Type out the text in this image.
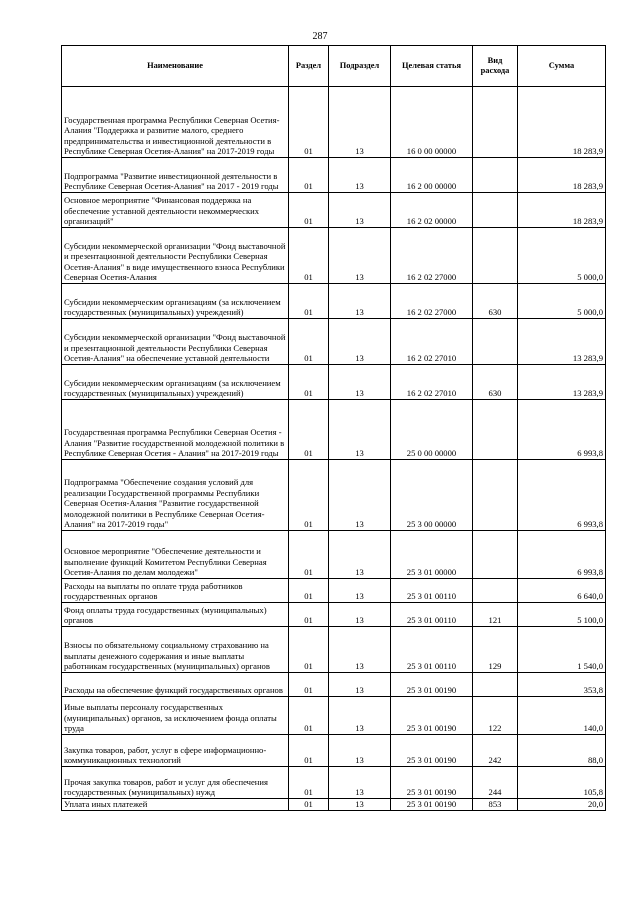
287
Наименование	Раздел	Подраздел	Целевая статья	Вид расхода	Сумма
Государственная программа Республики Северная Осетия-Алания "Поддержка и развитие малого, среднего предпринимательства и инвестиционной деятельности в Республике Северная Осетия-Алания" на 2017-2019 годы	01	13	16 0 00 00000		18 283,9
Подпрограмма "Развитие инвестиционной деятельности в Республике Северная Осетия-Алания" на 2017 - 2019 годы	01	13	16 2 00 00000		18 283,9
Основное мероприятие "Финансовая поддержка на обеспечение уставной деятельности некоммерческих организаций"	01	13	16 2 02 00000		18 283,9
Субсидии некоммерческой организации "Фонд выставочной и презентационной деятельности Республики Северная Осетия-Алания" в виде имущественного взноса Республики Северная Осетия-Алания	01	13	16 2 02 27000		5 000,0
Субсидии некоммерческим организациям (за исключением государственных (муниципальных) учреждений)	01	13	16 2 02 27000	630	5 000,0
Субсидии некоммерческой организации "Фонд выставочной и презентационной деятельности Республики Северная Осетия-Алания" на обеспечение уставной деятельности	01	13	16 2 02 27010		13 283,9
Субсидии некоммерческим организациям (за исключением государственных (муниципальных) учреждений)	01	13	16 2 02 27010	630	13 283,9
Государственная программа Республики Северная Осетия - Алания "Развитие государственной молодежной политики в Республике Северная Осетия - Алания" на 2017-2019 годы	01	13	25 0 00 00000		6 993,8
Подпрограмма "Обеспечение создания условий для реализации Государственной программы Республики Северная Осетия-Алания "Развитие государственной молодежной политики в Республике Северная Осетия-Алания" на 2017-2019 годы"	01	13	25 3 00 00000		6 993,8
Основное мероприятие "Обеспечение деятельности и выполнение функций Комитетом Республики Северная Осетия-Алания по делам молодежи"	01	13	25 3 01 00000		6 993,8
Расходы на выплаты по оплате труда работников государственных органов	01	13	25 3 01 00110		6 640,0
Фонд оплаты труда государственных (муниципальных) органов	01	13	25 3 01 00110	121	5 100,0
Взносы по обязательному социальному страхованию на выплаты денежного содержания и иные выплаты работникам государственных (муниципальных) органов	01	13	25 3 01 00110	129	1 540,0
Расходы на обеспечение функций государственных органов	01	13	25 3 01 00190		353,8
Иные выплаты персоналу государственных (муниципальных) органов, за исключением фонда оплаты труда	01	13	25 3 01 00190	122	140,0
Закупка товаров, работ, услуг в сфере информационно-коммуникационных технологий	01	13	25 3 01 00190	242	88,0
Прочая закупка товаров, работ и услуг для обеспечения государственных (муниципальных) нужд	01	13	25 3 01 00190	244	105,8
Уплата иных платежей	01	13	25 3 01 00190	853	20,0
